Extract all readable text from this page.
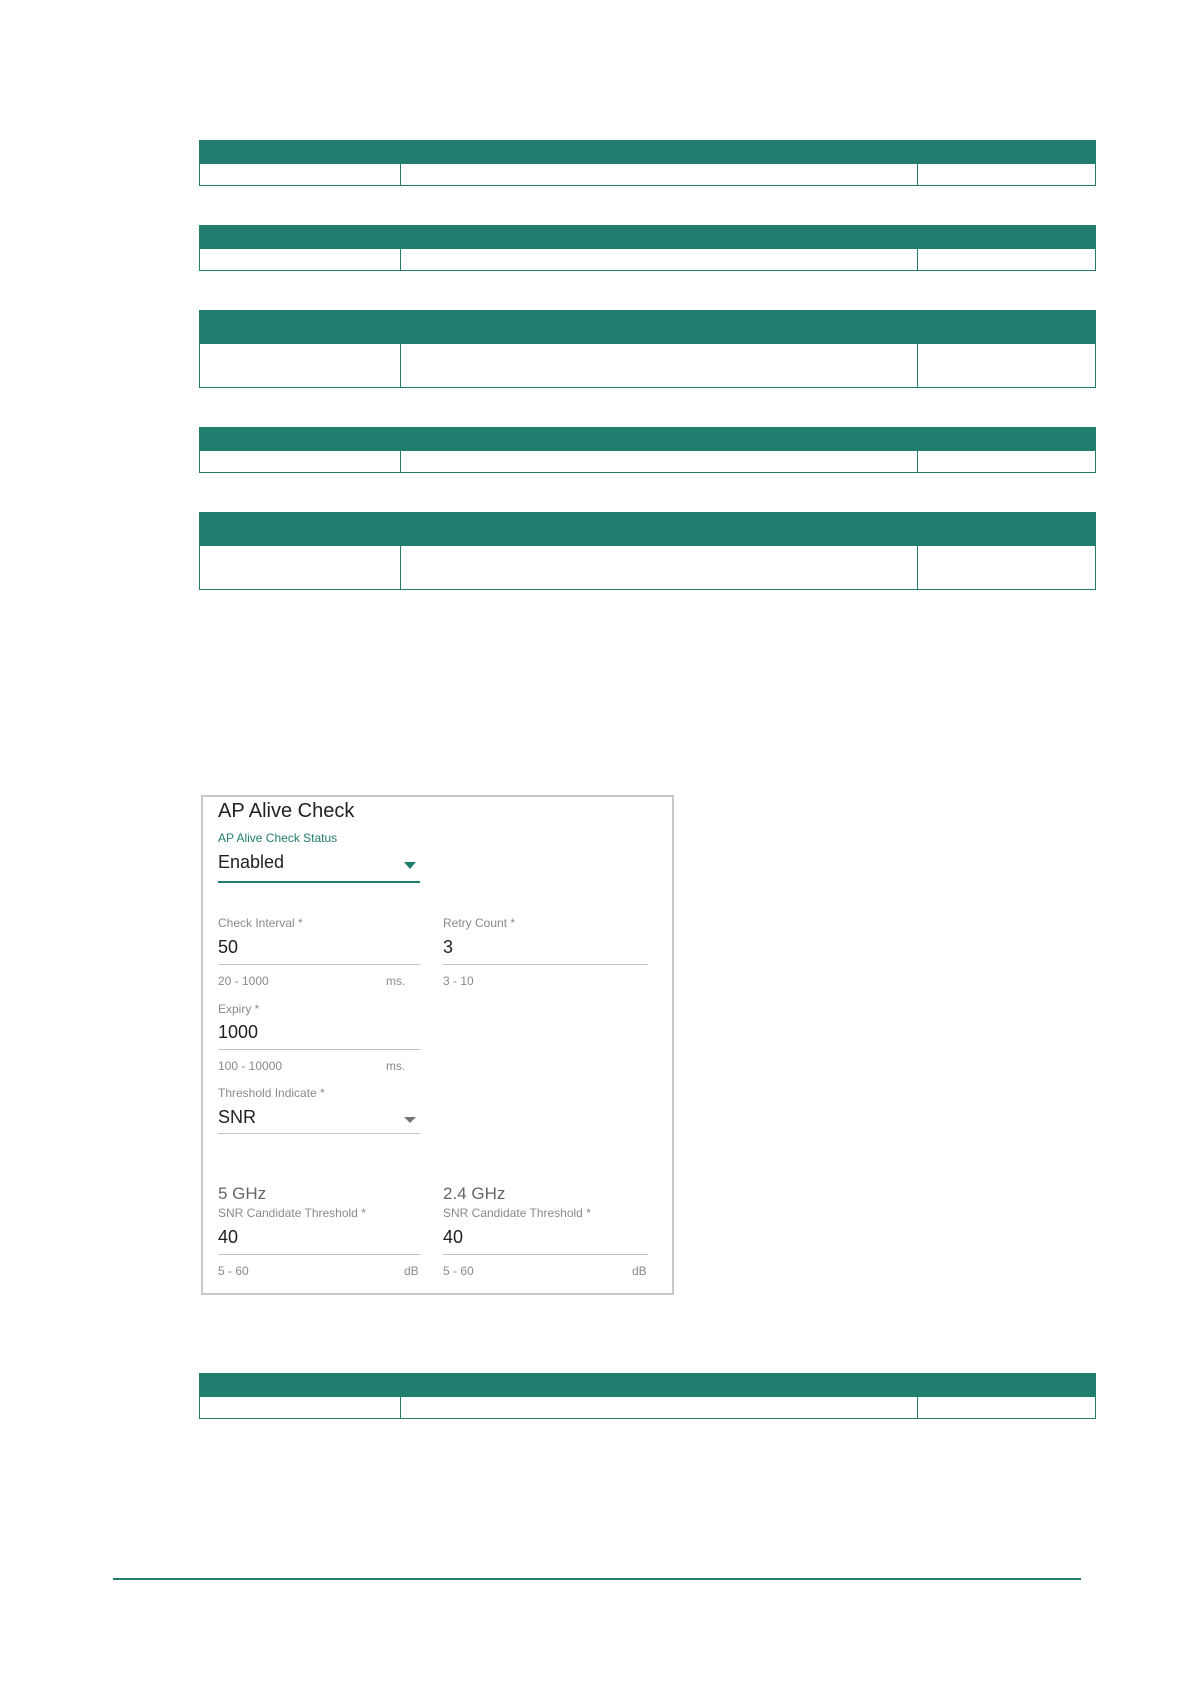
AP Alive Check
AP Alive Check Status
Enabled
Check Interval *
50
20 - 1000	ms.
Retry Count *
3
3 - 10
Expiry *
1000
100 - 10000	ms.
Threshold Indicate *
SNR
5 GHz
SNR Candidate Threshold *
40
5 - 60	dB
2.4 GHz
SNR Candidate Threshold *
40
5 - 60	dB
